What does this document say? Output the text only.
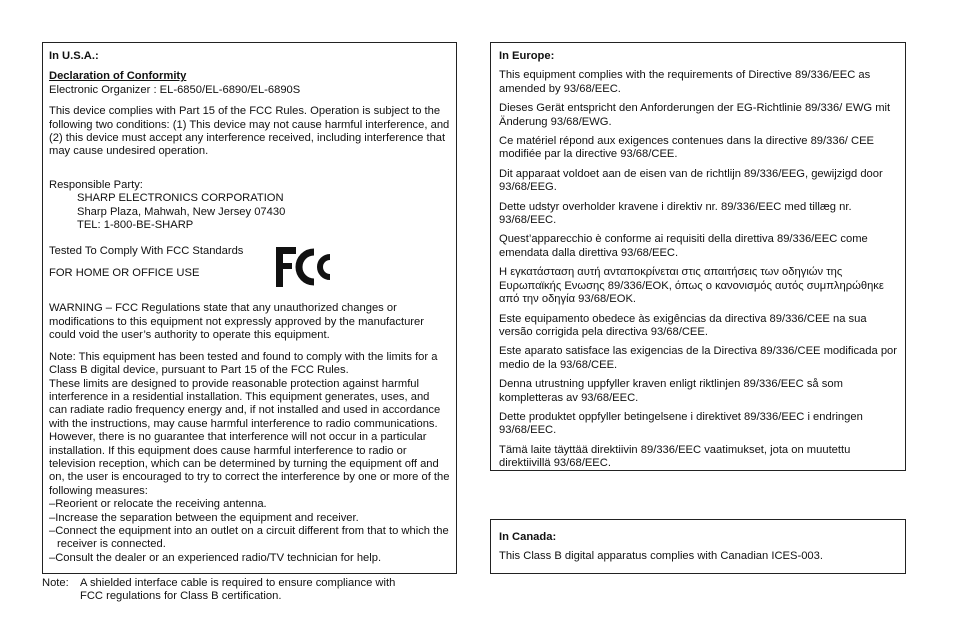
In U.S.A.:
Declaration of Conformity

Electronic Organizer : EL-6850/EL-6890/EL-6890S

This device complies with Part 15 of the FCC Rules. Operation is subject to the following two conditions: (1) This device may not cause harmful interference, and (2) this device must accept any interference received, including interference that may cause undesired operation.

Responsible Party:

SHARP ELECTRONICS CORPORATION
Sharp Plaza, Mahwah, New Jersey 07430
TEL: 1-800-BE-SHARP
Tested To Comply With FCC Standards
FOR HOME OR OFFICE USE

WARNING – FCC Regulations state that any unauthorized changes or modifications to this equipment not expressly approved by the manufacturer could void the user’s authority to operate this equipment.

Note: This equipment has been tested and found to comply with the limits for a Class B digital device, pursuant to Part 15 of the FCC Rules.

These limits are designed to provide reasonable protection against harmful interference in a residential installation. This equipment generates, uses, and can radiate radio frequency energy and, if not installed and used in accordance with the instructions, may cause harmful interference to radio communications.

However, there is no guarantee that interference will not occur in a particular installation. If this equipment does cause harmful interference to radio or television reception, which can be determined by turning the equipment off and on, the user is encouraged to try to correct the interference by one or more of the following measures:

–Reorient or relocate the receiving antenna.
–Increase the separation between the equipment and receiver.
–Connect the equipment into an outlet on a circuit different from that to which the receiver is connected.
–Consult the dealer or an experienced radio/TV technician for help.
Note: A shielded interface cable is required to ensure compliance with
FCC regulations for Class B certification.
In Europe:

This equipment complies with the requirements of Directive 89/336/EEC as amended by 93/68/EEC.

Dieses Gerät entspricht den Anforderungen der EG-Richtlinie 89/336/ EWG mit Änderung 93/68/EWG.

Ce matériel répond aux exigences contenues dans la directive 89/336/ CEE modifiée par la directive 93/68/CEE.

Dit apparaat voldoet aan de eisen van de richtlijn 89/336/EEG, gewijzigd door 93/68/EEG.

Dette udstyr overholder kravene i direktiv nr. 89/336/EEC med tillæg nr. 93/68/EEC.

Quest’apparecchio è conforme ai requisiti della direttiva 89/336/EEC come emendata dalla direttiva 93/68/EEC.

Η εγκατάσταση αυτή ανταποκρίνεται στις απαιτήσεις των οδηγιών της Ευρωπαϊκής Ενωσης 89/336/ΕΟΚ, όπως ο κανονισμός αυτός συμπληρώθηκε από την οδηγία 93/68/ΕΟΚ.

Este equipamento obedece às exigências da directiva 89/336/CEE na sua versão corrigida pela directiva 93/68/CEE.

Este aparato satisface las exigencias de la Directiva 89/336/CEE modificada por medio de la 93/68/CEE.

Denna utrustning uppfyller kraven enligt riktlinjen 89/336/EEC så som kompletteras av 93/68/EEC.

Dette produktet oppfyller betingelsene i direktivet 89/336/EEC i endringen 93/68/EEC.

Tämä laite täyttää direktiivin 89/336/EEC vaatimukset, jota on muutettu direktiivillä 93/68/EEC.

In Canada:

This Class B digital apparatus complies with Canadian ICES-003.
